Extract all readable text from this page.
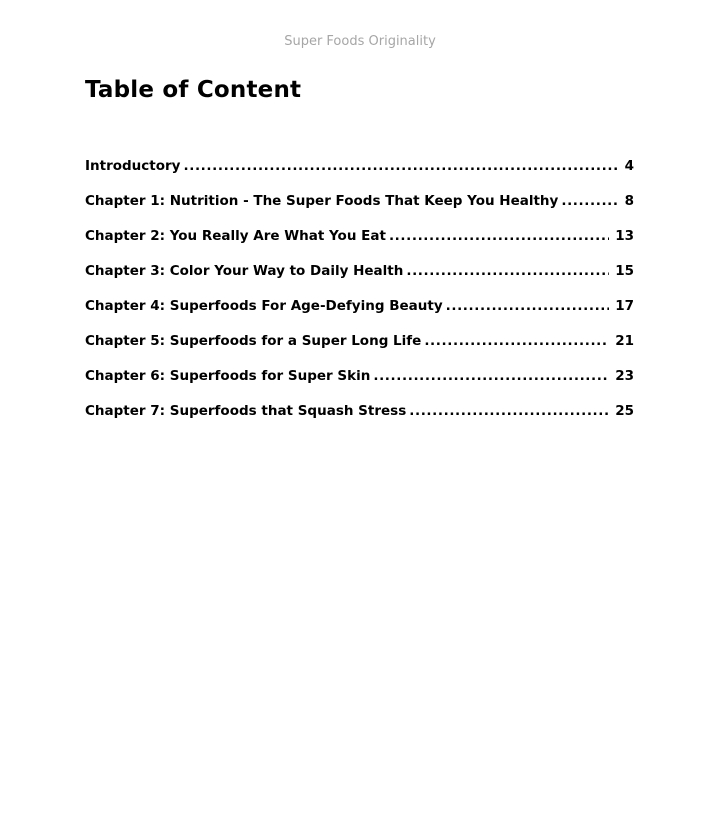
Super Foods Originality
Table of Content
Introductory .....	4
Chapter 1: Nutrition - The Super Foods That Keep You Healthy .....	8
Chapter 2: You Really Are What You Eat .....	13
Chapter 3: Color Your Way to Daily Health .....	15
Chapter 4: Superfoods For Age-Defying Beauty .....	17
Chapter 5: Superfoods for a Super Long Life .....	21
Chapter 6: Superfoods for Super Skin .....	23
Chapter 7: Superfoods that Squash Stress .....	25
